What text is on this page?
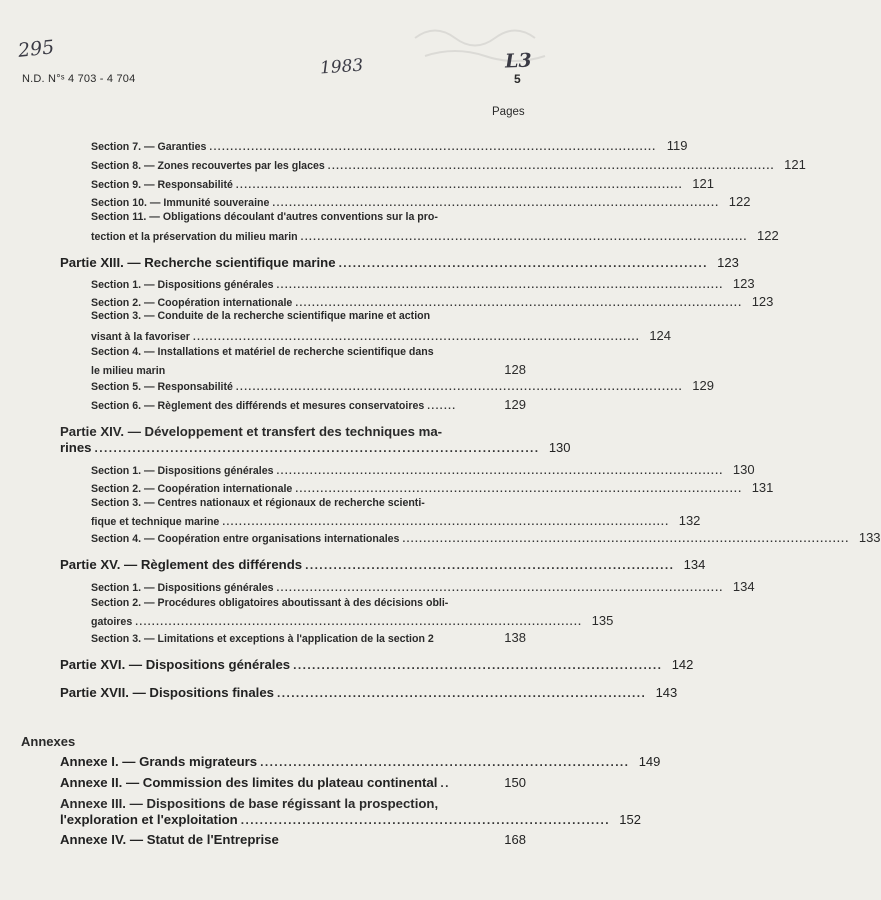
295
1983	L3
N.D. N°ˢ 4 703 - 4 704	5
Pages
Section 7. — Garanties ........................................................................................................... 119
Section 8. — Zones recouvertes par les glaces ........................................................................................................... 121
Section 9. — Responsabilité ........................................................................................................... 121
Section 10. — Immunité souveraine ........................................................................................................... 122
Section 11. — Obligations découlant d'autres conventions sur la pro-
tection et la préservation du milieu marin ........................................................................................................... 122
Partie XIII. — Recherche scientifique marine .............................................................................. 123
Section 1. — Dispositions générales ........................................................................................................... 123
Section 2. — Coopération internationale ........................................................................................................... 123
Section 3. — Conduite de la recherche scientifique marine et action
visant à la favoriser ........................................................................................................... 124
Section 4. — Installations et matériel de recherche scientifique dans
le milieu marin	128
Section 5. — Responsabilité ........................................................................................................... 129
Section 6. — Règlement des différends et mesures conservatoires .......	129
Partie XIV. — Développement et transfert des techniques ma-
rines .............................................................................................. 130
Section 1. — Dispositions générales ........................................................................................................... 130
Section 2. — Coopération internationale ........................................................................................................... 131
Section 3. — Centres nationaux et régionaux de recherche scienti-
fique et technique marine ........................................................................................................... 132
Section 4. — Coopération entre organisations internationales ........................................................................................................... 133
Partie XV. — Règlement des différends .............................................................................. 134
Section 1. — Dispositions générales ........................................................................................................... 134
Section 2. — Procédures obligatoires aboutissant à des décisions obli-
gatoires ........................................................................................................... 135
Section 3. — Limitations et exceptions à l'application de la section 2	138
Partie XVI. — Dispositions générales .............................................................................. 142
Partie XVII. — Dispositions finales .............................................................................. 143
Annexes
Annexe I. — Grands migrateurs .............................................................................. 149
Annexe II. — Commission des limites du plateau continental ..	150
Annexe III. — Dispositions de base régissant la prospection,
l'exploration et l'exploitation .............................................................................. 152
Annexe IV. — Statut de l'Entreprise	168
